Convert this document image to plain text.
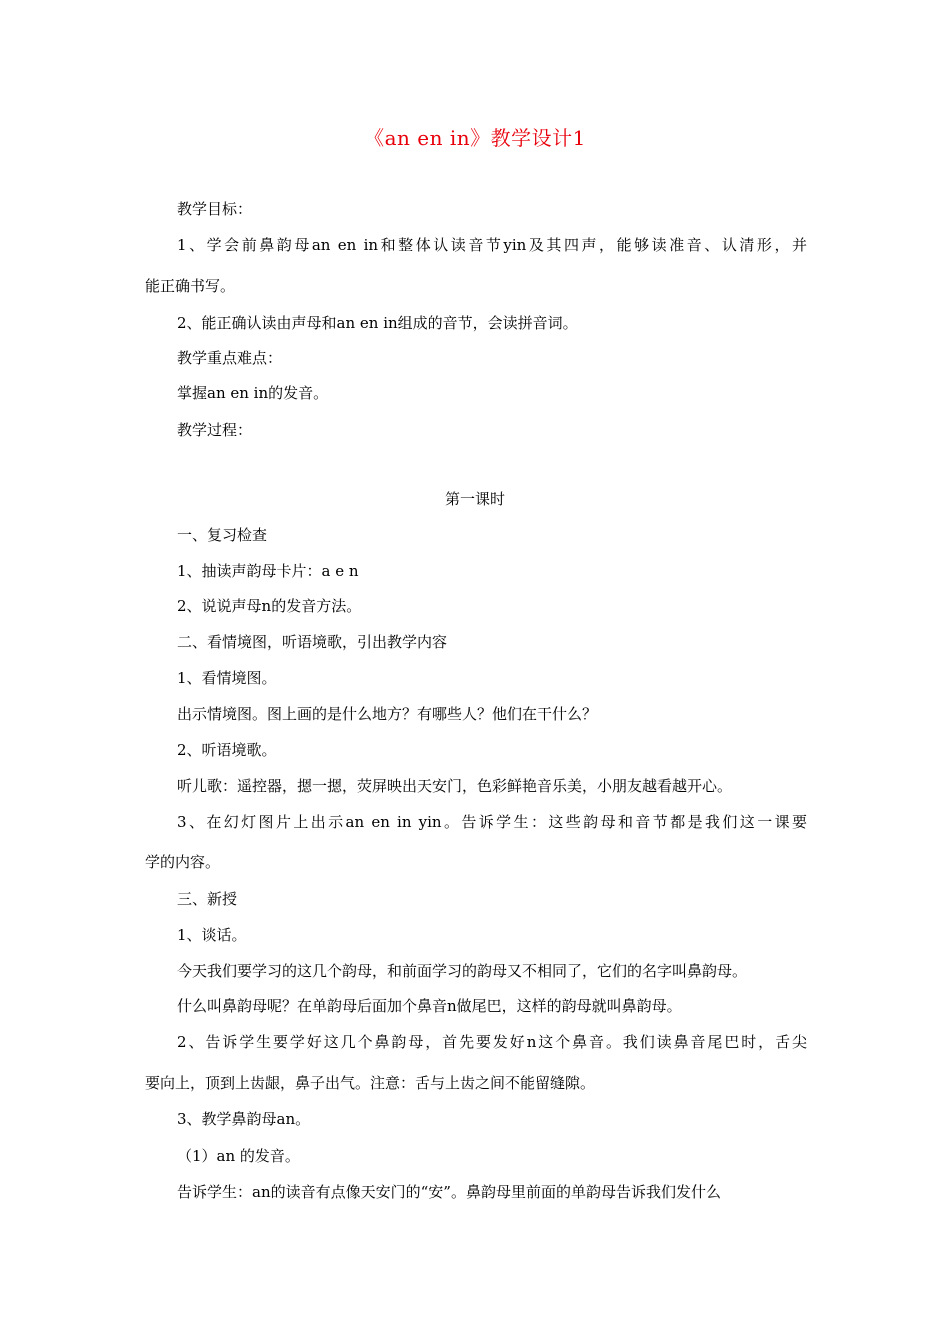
《an en in》教学设计1
教学目标：
1、学会前鼻韵母an en in和整体认读音节yin及其四声，能够读准音、认清形，并
能正确书写。
2、能正确认读由声母和an en in组成的音节，会读拼音词。
教学重点难点：
掌握an en in的发音。
教学过程：
第一课时
一、复习检查
1、抽读声韵母卡片：a e n
2、说说声母n的发音方法。
二、看情境图，听语境歌，引出教学内容
1、看情境图。
出示情境图。图上画的是什么地方？有哪些人？他们在干什么？
2、听语境歌。
听儿歌：遥控器，摁一摁，荧屏映出天安门，色彩鲜艳音乐美，小朋友越看越开心。
3、在幻灯图片上出示an en in yin。告诉学生：这些韵母和音节都是我们这一课要
学的内容。
三、新授
1、谈话。
今天我们要学习的这几个韵母，和前面学习的韵母又不相同了，它们的名字叫鼻韵母。
什么叫鼻韵母呢？在单韵母后面加个鼻音n做尾巴，这样的韵母就叫鼻韵母。
2、告诉学生要学好这几个鼻韵母，首先要发好n这个鼻音。我们读鼻音尾巴时，舌尖
要向上，顶到上齿龈，鼻子出气。注意：舌与上齿之间不能留缝隙。
3、教学鼻韵母an。
（1）an 的发音。
告诉学生：an的读音有点像天安门的“安”。鼻韵母里前面的单韵母告诉我们发什么
